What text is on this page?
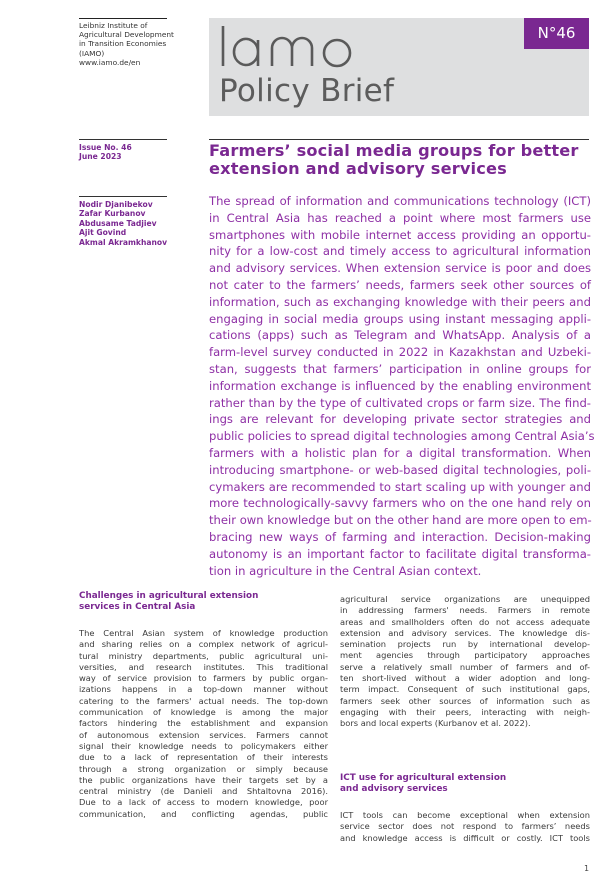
Leibniz Institute of
Agricultural Development
in Transition Economies
(IAMO)
www.iamo.de/en
Policy Brief
N°46
Issue No. 46
June 2023	Farmers’ social media groups for better
extension and advisory services
Nodir Djanibekov
Zafar Kurbanov
Abdusame Tadjiev
Ajit Govind
Akmal Akramkhanov
The spread of information and communications technology (ICT)
in Central Asia has reached a point where most farmers use
smartphones with mobile internet access providing an opportu-
nity for a low-cost and timely access to agricultural information
and advisory services. When extension service is poor and does
not cater to the farmers’ needs, farmers seek other sources of
information, such as exchanging knowledge with their peers and
engaging in social media groups using instant messaging appli-
cations (apps) such as Telegram and WhatsApp. Analysis of a
farm-level survey conducted in 2022 in Kazakhstan and Uzbeki-
stan, suggests that farmers’ participation in online groups for
information exchange is influenced by the enabling environment
rather than by the type of cultivated crops or farm size. The find-
ings are relevant for developing private sector strategies and
public policies to spread digital technologies among Central Asia’s
farmers with a holistic plan for a digital transformation. When
introducing smartphone- or web-based digital technologies, poli-
cymakers are recommended to start scaling up with younger and
more technologically-savvy farmers who on the one hand rely on
their own knowledge but on the other hand are more open to em-
bracing new ways of farming and interaction. Decision-making
autonomy is an important factor to facilitate digital transforma-
tion in agriculture in the Central Asian context.
Challenges in agricultural extension
services in Central Asia
The Central Asian system of knowledge production
and sharing relies on a complex network of agricul-
tural ministry departments, public agricultural uni-
versities, and research institutes. This traditional
way of service provision to farmers by public organ-
izations happens in a top-down manner without
catering to the farmers' actual needs. The top-down
communication of knowledge is among the major
factors hindering the establishment and expansion
of autonomous extension services. Farmers cannot
signal their knowledge needs to policymakers either
due to a lack of representation of their interests
through a strong organization or simply because
the public organizations have their targets set by a
central ministry (de Danieli and Shtaltovna 2016).
Due to a lack of access to modern knowledge, poor
communication, and conflicting agendas, public
agricultural service organizations are unequipped
in addressing farmers' needs. Farmers in remote
areas and smallholders often do not access adequate
extension and advisory services. The knowledge dis-
semination projects run by international develop-
ment agencies through participatory approaches
serve a relatively small number of farmers and of-
ten short-lived without a wider adoption and long-
term impact. Consequent of such institutional gaps,
farmers seek other sources of information such as
engaging with their peers, interacting with neigh-
bors and local experts (Kurbanov et al. 2022).
ICT use for agricultural extension
and advisory services
ICT tools can become exceptional when extension
service sector does not respond to farmers’ needs
and knowledge access is difficult or costly. ICT tools
1
